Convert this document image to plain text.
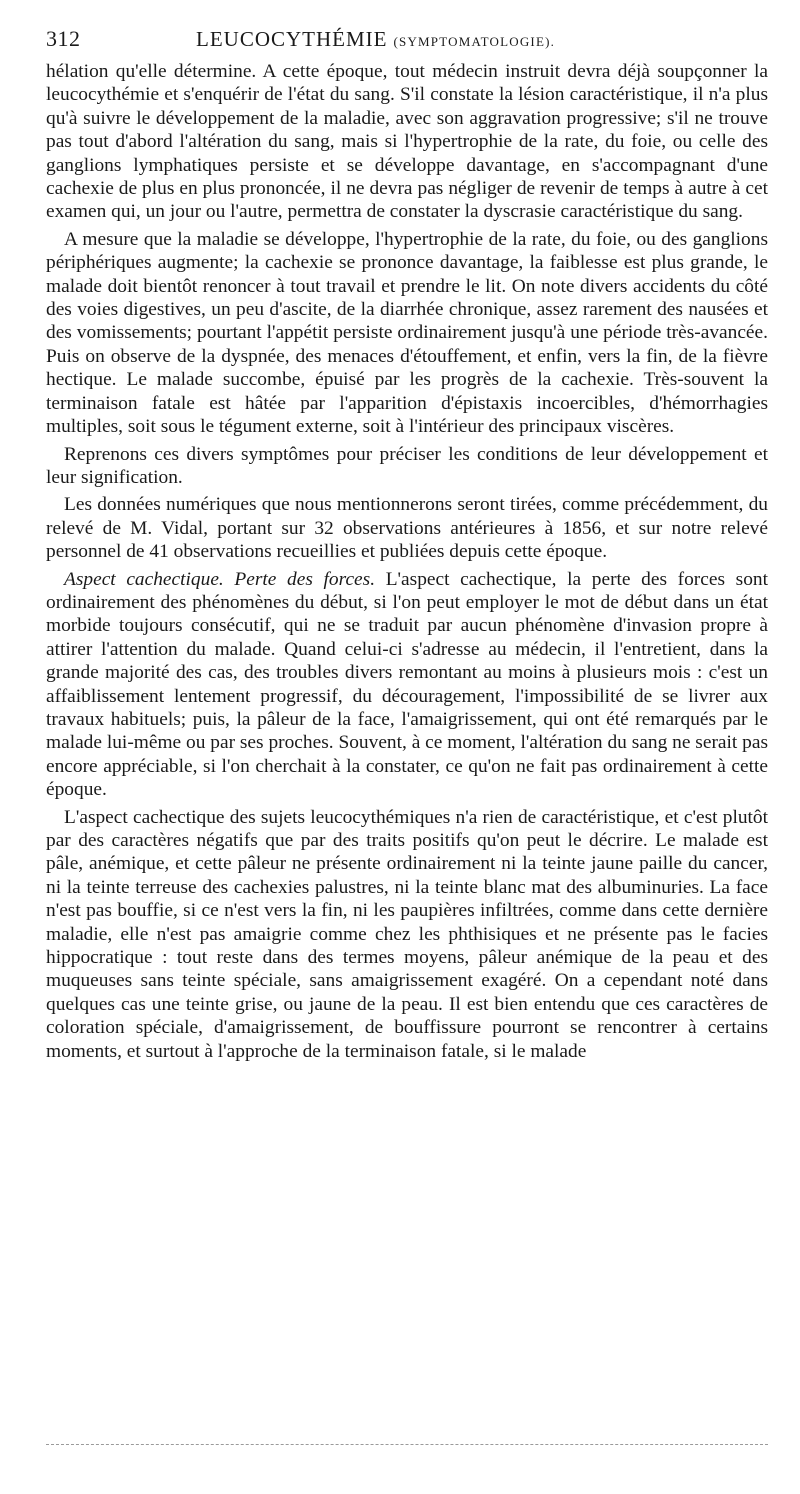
312	LEUCOCYTHÉMIE (SYMPTOMATOLOGIE).

hélation qu'elle détermine. A cette époque, tout médecin instruit devra déjà soupçonner la leucocythémie et s'enquérir de l'état du sang. S'il constate la lésion caractéristique, il n'a plus qu'à suivre le développement de la maladie, avec son aggravation progressive; s'il ne trouve pas tout d'abord l'altération du sang, mais si l'hypertrophie de la rate, du foie, ou celle des ganglions lymphatiques persiste et se développe davantage, en s'accompagnant d'une cachexie de plus en plus prononcée, il ne devra pas négliger de revenir de temps à autre à cet examen qui, un jour ou l'autre, permettra de constater la dyscrasie caractéristique du sang.

A mesure que la maladie se développe, l'hypertrophie de la rate, du foie, ou des ganglions périphériques augmente; la cachexie se prononce davantage, la faiblesse est plus grande, le malade doit bientôt renoncer à tout travail et prendre le lit. On note divers accidents du côté des voies digestives, un peu d'ascite, de la diarrhée chronique, assez rarement des nausées et des vomissements; pourtant l'appétit persiste ordinairement jusqu'à une période très-avancée. Puis on observe de la dyspnée, des menaces d'étouffement, et enfin, vers la fin, de la fièvre hectique. Le malade succombe, épuisé par les progrès de la cachexie. Très-souvent la terminaison fatale est hâtée par l'apparition d'épistaxis incoercibles, d'hémorrhagies multiples, soit sous le tégument externe, soit à l'intérieur des principaux viscères.

Reprenons ces divers symptômes pour préciser les conditions de leur développement et leur signification.

Les données numériques que nous mentionnerons seront tirées, comme précédemment, du relevé de M. Vidal, portant sur 32 observations antérieures à 1856, et sur notre relevé personnel de 41 observations recueillies et publiées depuis cette époque.

Aspect cachectique. Perte des forces. L'aspect cachectique, la perte des forces sont ordinairement des phénomènes du début, si l'on peut employer le mot de début dans un état morbide toujours consécutif, qui ne se traduit par aucun phénomène d'invasion propre à attirer l'attention du malade. Quand celui-ci s'adresse au médecin, il l'entretient, dans la grande majorité des cas, des troubles divers remontant au moins à plusieurs mois : c'est un affaiblissement lentement progressif, du découragement, l'impossibilité de se livrer aux travaux habituels; puis, la pâleur de la face, l'amaigrissement, qui ont été remarqués par le malade lui-même ou par ses proches. Souvent, à ce moment, l'altération du sang ne serait pas encore appréciable, si l'on cherchait à la constater, ce qu'on ne fait pas ordinairement à cette époque.

L'aspect cachectique des sujets leucocythémiques n'a rien de caractéristique, et c'est plutôt par des caractères négatifs que par des traits positifs qu'on peut le décrire. Le malade est pâle, anémique, et cette pâleur ne présente ordinairement ni la teinte jaune paille du cancer, ni la teinte terreuse des cachexies palustres, ni la teinte blanc mat des albuminuries. La face n'est pas bouffie, si ce n'est vers la fin, ni les paupières infiltrées, comme dans cette dernière maladie, elle n'est pas amaigrie comme chez les phthisiques et ne présente pas le facies hippocratique : tout reste dans des termes moyens, pâleur anémique de la peau et des muqueuses sans teinte spéciale, sans amaigrissement exagéré. On a cependant noté dans quelques cas une teinte grise, ou jaune de la peau. Il est bien entendu que ces caractères de coloration spéciale, d'amaigrissement, de bouffissure pourront se rencontrer à certains moments, et surtout à l'approche de la terminaison fatale, si le malade
